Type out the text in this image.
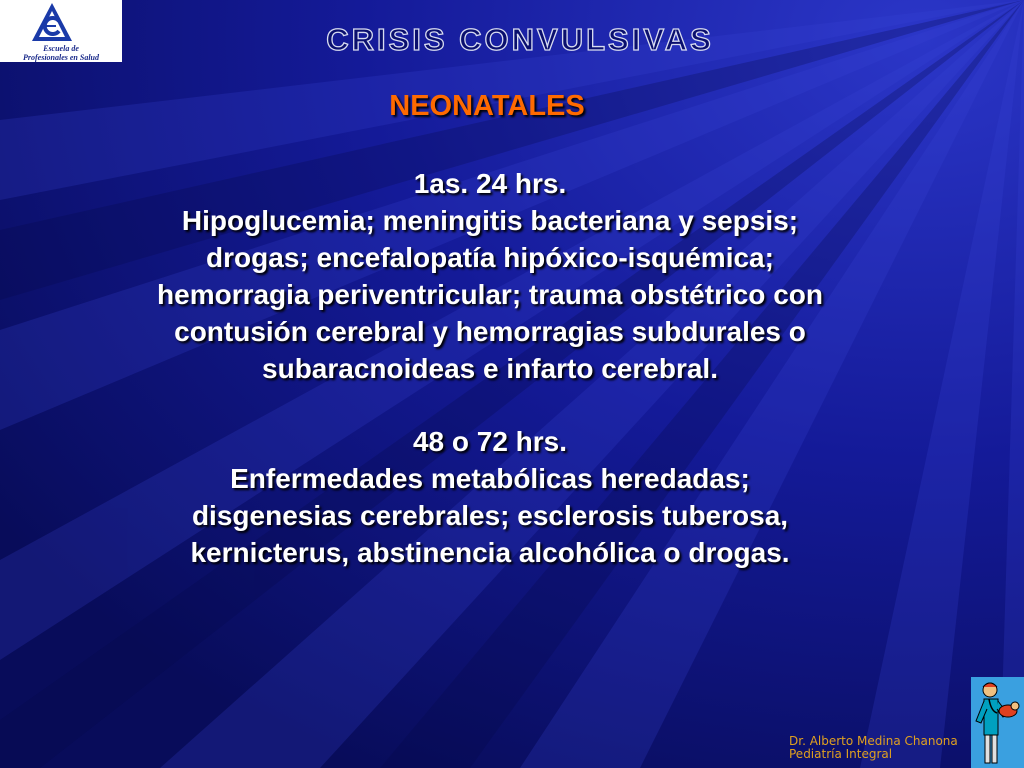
Escuela de
Profesionales en Salud
CRISIS CONVULSIVAS
NEONATALES
1as. 24 hrs.
Hipoglucemia; meningitis bacteriana y sepsis;
drogas; encefalopatía hipóxico-isquémica;
hemorragia periventricular; trauma obstétrico con
contusión cerebral y hemorragias subdurales o
subaracnoideas e infarto cerebral.
48 o 72 hrs.
Enfermedades metabólicas heredadas;
disgenesias cerebrales; esclerosis tuberosa,
kernicterus, abstinencia alcohólica o drogas.
Dr. Alberto Medina Chanona
Pediatría Integral
